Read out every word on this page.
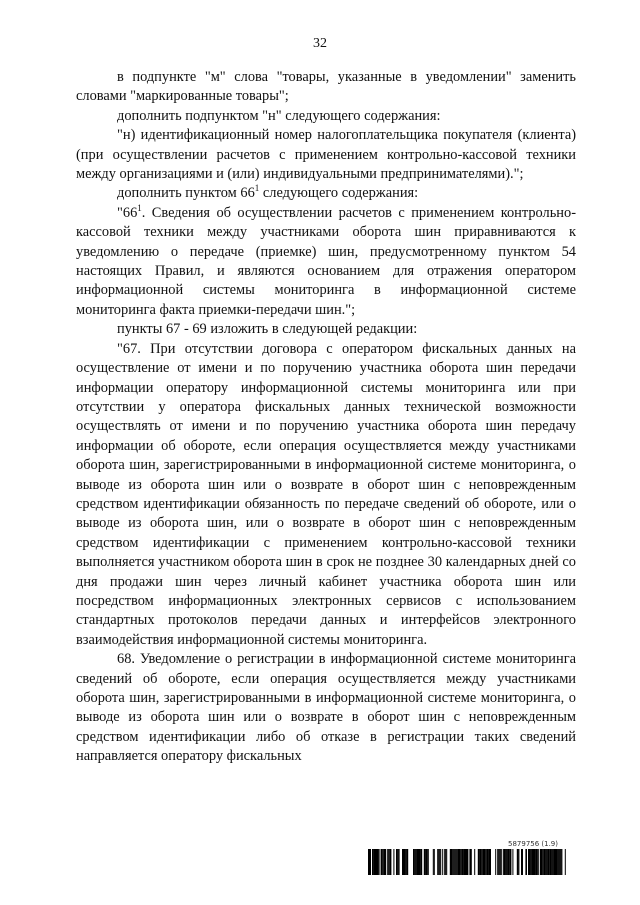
32

в подпункте "м" слова "товары, указанные в уведомлении" заменить словами "маркированные товары";

дополнить подпунктом "н" следующего содержания:

"н) идентификационный номер налогоплательщика покупателя (клиента) (при осуществлении расчетов с применением контрольно-кассовой техники между организациями и (или) индивидуальными предпринимателями).";

дополнить пунктом $66^1$ следующего содержания:

"$66^1$. Сведения об осуществлении расчетов с применением контрольно-кассовой техники между участниками оборота шин приравниваются к уведомлению о передаче (приемке) шин, предусмотренному пунктом 54 настоящих Правил, и являются основанием для отражения оператором информационной системы мониторинга в информационной системе мониторинга факта приемки-передачи шин.";

пункты 67 - 69 изложить в следующей редакции:

"67. При отсутствии договора с оператором фискальных данных на осуществление от имени и по поручению участника оборота шин передачи информации оператору информационной системы мониторинга или при отсутствии у оператора фискальных данных технической возможности осуществлять от имени и по поручению участника оборота шин передачу информации об обороте, если операция осуществляется между участниками оборота шин, зарегистрированными в информационной системе мониторинга, о выводе из оборота шин или о возврате в оборот шин с неповрежденным средством идентификации обязанность по передаче сведений об обороте, или о выводе из оборота шин, или о возврате в оборот шин с неповрежденным средством идентификации с применением контрольно-кассовой техники выполняется участником оборота шин в срок не позднее 30 календарных дней со дня продажи шин через личный кабинет участника оборота шин или посредством информационных электронных сервисов с использованием стандартных протоколов передачи данных и интерфейсов электронного взаимодействия информационной системы мониторинга.

68. Уведомление о регистрации в информационной системе мониторинга сведений об обороте, если операция осуществляется между участниками оборота шин, зарегистрированными в информационной системе мониторинга, о выводе из оборота шин или о возврате в оборот шин с неповрежденным средством идентификации либо об отказе в регистрации таких сведений направляется оператору фискальных

5879756 (1.9)
